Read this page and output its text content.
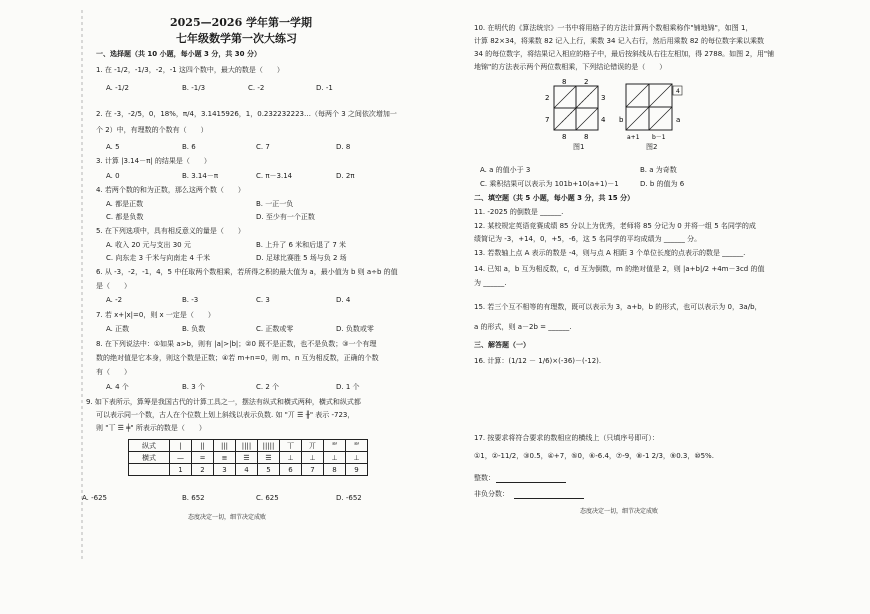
2025—2026 学年第一学期
七年级数学第一次大练习
一、选择题（共 10 小题，每小题 3 分，共 30 分）
1. 在 -1/2，-1/3，-2，-1 这四个数中，最大的数是（　　）
A. -1/2	B. -1/3	C. -2	D. -1
2. 在 -3，-2/5，0，18%，π/4，3.1415926，1，0.232232223…（每两个 3 之间依次增加一
个 2）中，有理数的个数有（　　）
A. 5	B. 6	C. 7	D. 8
3. 计算 |3.14－π| 的结果是（　　）
A. 0	B. 3.14－π	C. π－3.14	D. 2π
4. 若两个数的和为正数，那么这两个数（　　）
A. 都是正数	B. 一正一负
C. 都是负数	D. 至少有一个正数
5. 在下列选项中，具有相反意义的量是（　　）
A. 收入 20 元与支出 30 元	B. 上升了 6 米和后退了 7 米
C. 向东走 3 千米与向南走 4 千米	D. 足球比赛胜 5 场与负 2 场
6. 从 -3，-2，-1，4，5 中任取两个数相乘，若所得之积的最大值为 a，最小值为 b 则 a÷b 的值
是（　　）
A. -2	B. -3	C. 3	D. 4
7. 若 x+|x|=0，则 x 一定是（　　）
A. 正数	B. 负数	C. 正数或零	D. 负数或零
8. 在下列说法中：①如果 a>b，则有 |a|>|b|；②0 既不是正数，也不是负数；③一个有理
数的绝对值是它本身，则这个数是正数；④若 m+n=0，则 m、n 互为相反数，正确的个数
有（　　）
A. 4 个	B. 3 个	C. 2 个	D. 1 个
9. 如下表所示，算筹是我国古代的计算工具之一，摆法有纵式和横式两种，横式和纵式都
可以表示同一个数，古人在个位数上划上斜线以表示负数. 如 "丌 ☰ ╫" 表示 -723，
则 "丅 ☰ ╪" 所表示的数是（　　）
纵式	|	||	|||	||||	|||||	丅	丌	ᅖ	ᅖ
横式	—	=	≡	☰	☰	⊥	⊥	⊥	⊥
	1	2	3	4	5	6	7	8	9
A. -625	B. 652	C. 625	D. -652
态度决定一切，细节决定成败
10. 在明代的《算法统宗》一书中将用格子的方法计算两个数相乘称作"铺地锦"，如图 1，
计算 82×34，将乘数 82 记入上行，乘数 34 记入右行，然后用乘数 82 的每位数字乘以乘数
34 的每位数字，将结果记入相应的格子中，最后按斜线从右往左相加，得 2788。如图 2，用"铺
地锦"的方法表示两个两位数相乘，下列结论错误的是（　　）
8	2
3
4
2
7
8	8
图1
4
a
b
a+1 b－1
图2
A. a 的值小于 3	B. a 为奇数
C. 乘积结果可以表示为 101b+10(a+1)－1	D. b 的值为 6
二、填空题（共 5 小题，每小题 3 分，共 15 分）
11. -2025 的倒数是 ______.
12. 某校规定英语竞赛成绩 85 分以上为优秀，老师将 85 分记为 0 并将一组 5 名同学的成
绩简记为 -3，+14，0，+5，-6，这 5 名同学的平均成绩为 ______ 分。
13. 若数轴上点 A 表示的数是 -4，则与点 A 相距 3 个单位长度的点表示的数是 ______.
14. 已知 a，b 互为相反数，c，d 互为倒数，m 的绝对值是 2，则 |a+b|/2 +4m－3cd 的值
为 ______.
15. 若三个互不相等的有理数，既可以表示为 3，a+b，b 的形式，也可以表示为 0，3a/b，
a 的形式，则 a－2b = ______.
三、解答题（一）
16. 计算：(1/12 － 1/6)×(-36)－(-12).
17. 按要求将符合要求的数相应的横线上（只填序号即可）：
①1，②-11/2，③0.5，④+7，⑤0，⑥-6.4，⑦-9，⑧-1 2/3，⑨0.3，⑩5%.
整数：
非负分数：
态度决定一切，细节决定成败
